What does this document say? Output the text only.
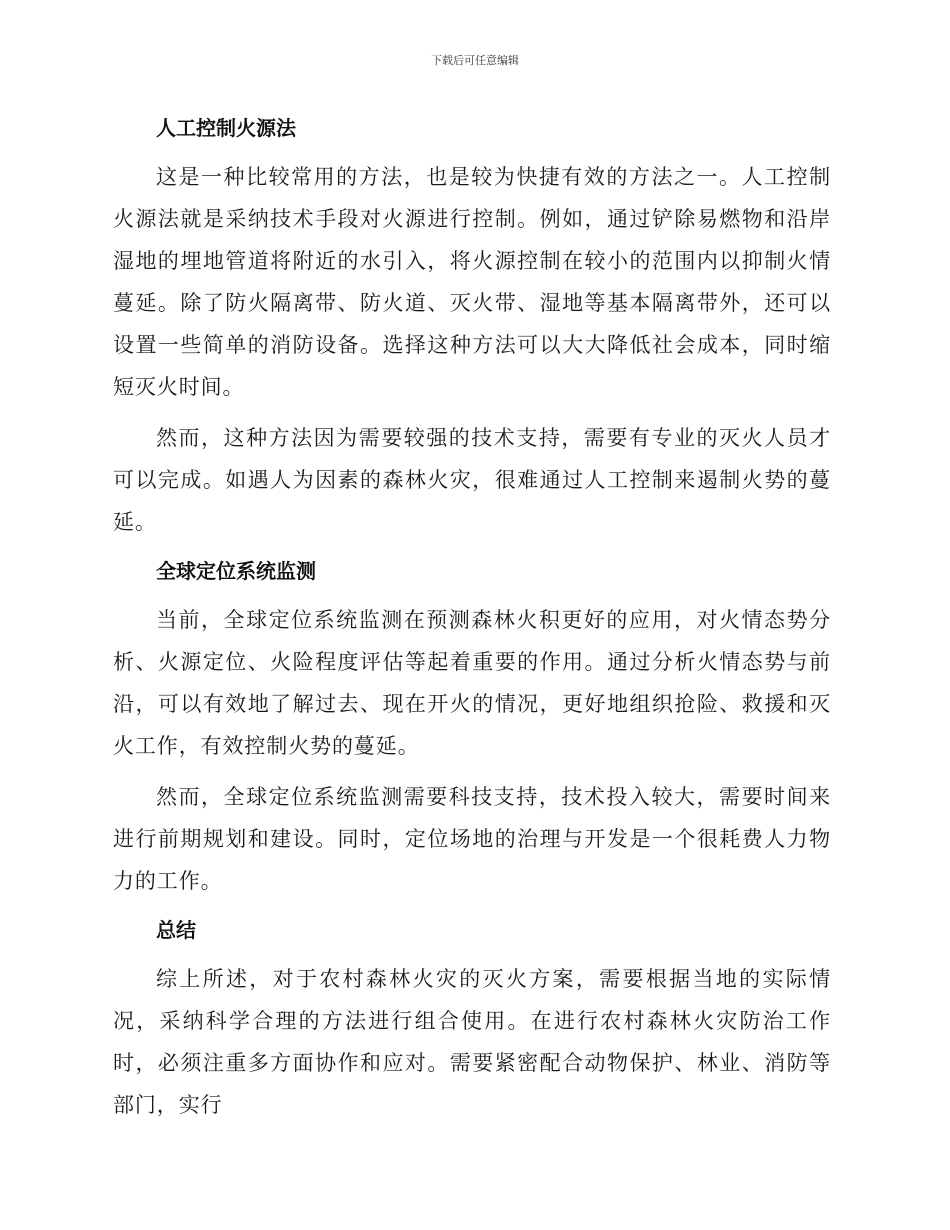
下载后可任意编辑
人工控制火源法

这是一种比较常用的方法，也是较为快捷有效的方法之一。人工控制火源法就是采纳技术手段对火源进行控制。例如，通过铲除易燃物和沿岸湿地的埋地管道将附近的水引入，将火源控制在较小的范围内以抑制火情蔓延。除了防火隔离带、防火道、灭火带、湿地等基本隔离带外，还可以设置一些简单的消防设备。选择这种方法可以大大降低社会成本，同时缩短灭火时间。

然而，这种方法因为需要较强的技术支持，需要有专业的灭火人员才可以完成。如遇人为因素的森林火灾，很难通过人工控制来遏制火势的蔓延。

全球定位系统监测

当前，全球定位系统监测在预测森林火积更好的应用，对火情态势分析、火源定位、火险程度评估等起着重要的作用。通过分析火情态势与前沿，可以有效地了解过去、现在开火的情况，更好地组织抢险、救援和灭火工作，有效控制火势的蔓延。

然而，全球定位系统监测需要科技支持，技术投入较大，需要时间来进行前期规划和建设。同时，定位场地的治理与开发是一个很耗费人力物力的工作。

总结

综上所述，对于农村森林火灾的灭火方案，需要根据当地的实际情况，采纳科学合理的方法进行组合使用。在进行农村森林火灾防治工作时，必须注重多方面协作和应对。需要紧密配合动物保护、林业、消防等部门，实行
